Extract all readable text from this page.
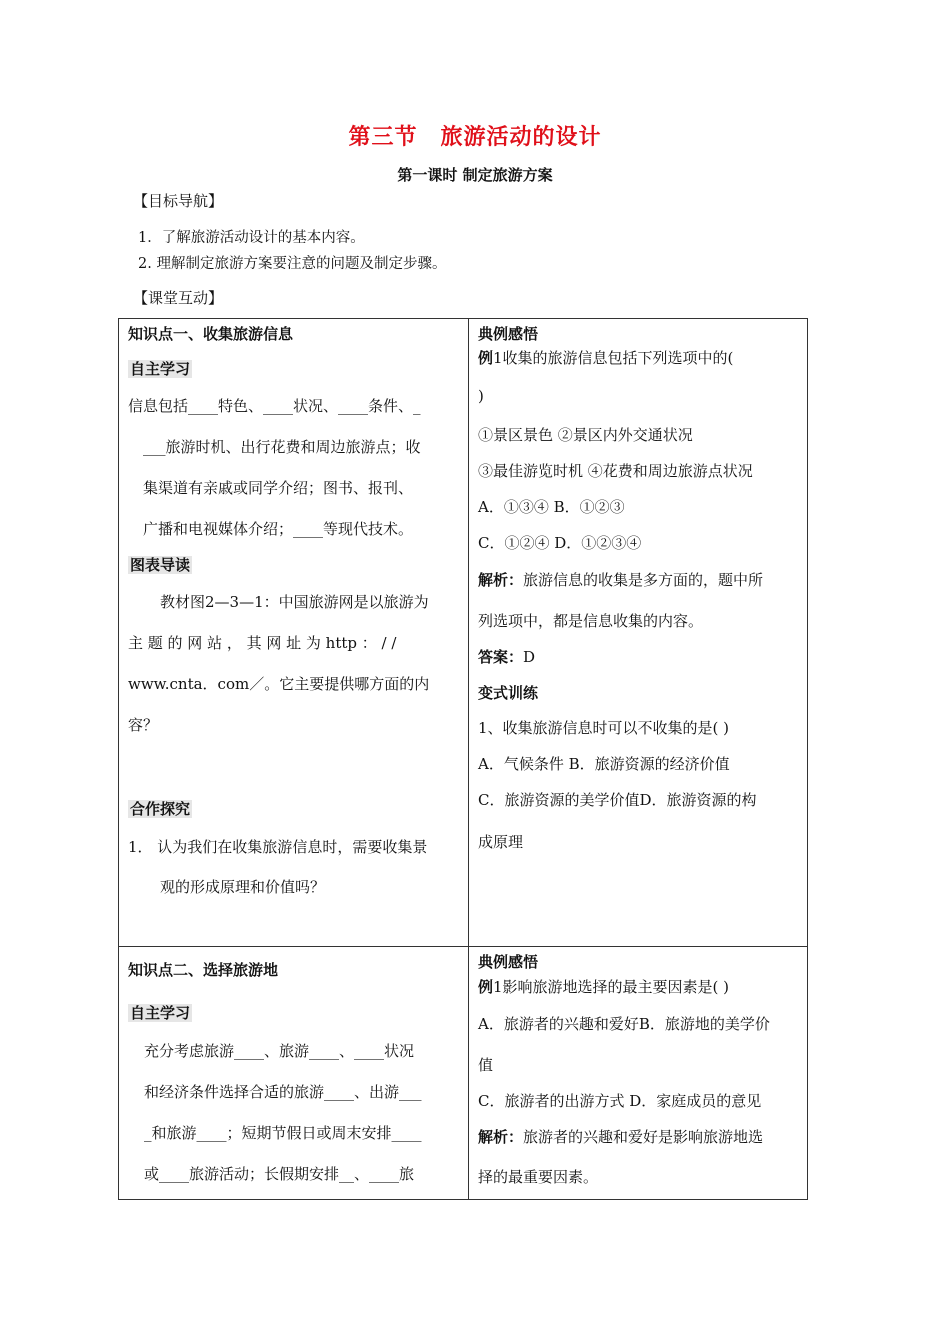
第三节　旅游活动的设计
第一课时 制定旅游方案
【目标导航】
1．了解旅游活动设计的基本内容。
2. 理解制定旅游方案要注意的问题及制定步骤。
【课堂互动】
知识点一、收集旅游信息
自主学习
信息包括____特色、____状况、____条件、_
___旅游时机、出行花费和周边旅游点；收
集渠道有亲戚或同学介绍；图书、报刊、
广播和电视媒体介绍；____等现代技术。
图表导读
教材图2—3—1：中国旅游网是以旅游为
主 题 的 网 站 ， 其 网 址 为 http ： / /
www.cnta．com／。它主要提供哪方面的内
容？
合作探究
1． 认为我们在收集旅游信息时，需要收集景
观的形成原理和价值吗？
典例感悟
例1收集的旅游信息包括下列选项中的(
)
①景区景色 ②景区内外交通状况
③最佳游览时机 ④花费和周边旅游点状况
A．①③④ B．①②③
C．①②④ D．①②③④
解析：旅游信息的收集是多方面的，题中所
列选项中，都是信息收集的内容。
答案：D
变式训练
1、收集旅游信息时可以不收集的是( )
A．气候条件 B．旅游资源的经济价值
C．旅游资源的美学价值D．旅游资源的构
成原理
知识点二、选择旅游地
自主学习
充分考虑旅游____、旅游____、____状况
和经济条件选择合适的旅游____、出游___
_和旅游____；短期节假日或周末安排____
或____旅游活动；长假期安排__、____旅
典例感悟
例1影响旅游地选择的最主要因素是( )
A．旅游者的兴趣和爱好B．旅游地的美学价
值
C．旅游者的出游方式 D．家庭成员的意见
解析：旅游者的兴趣和爱好是影响旅游地选
择的最重要因素。
